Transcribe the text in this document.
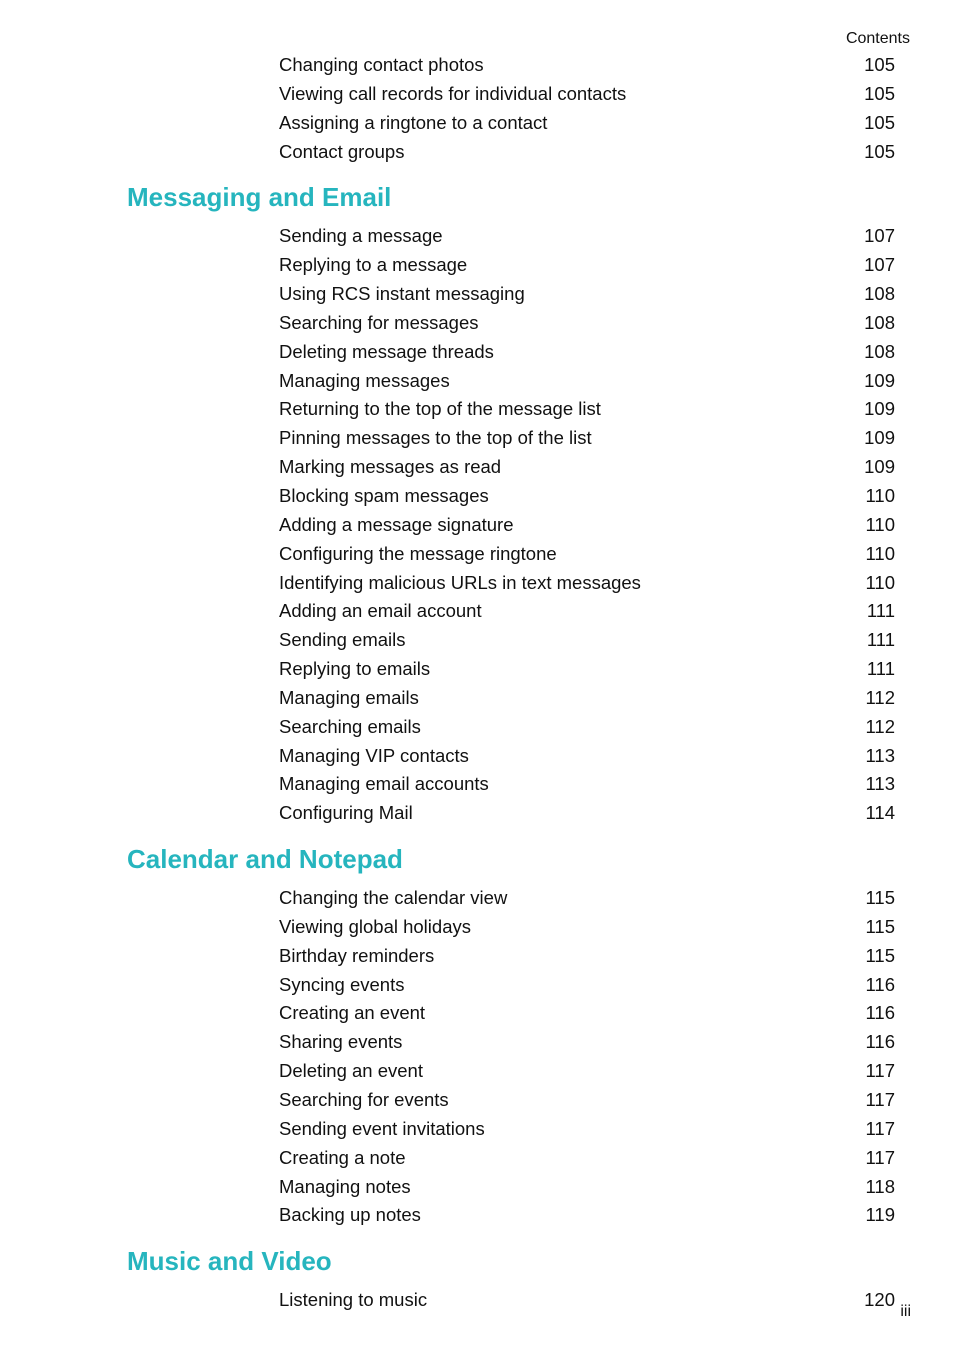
Contents
Changing contact photos	105
Viewing call records for individual contacts	105
Assigning a ringtone to a contact	105
Contact groups	105
Messaging and Email
Sending a message	107
Replying to a message	107
Using RCS instant messaging	108
Searching for messages	108
Deleting message threads	108
Managing messages	109
Returning to the top of the message list	109
Pinning messages to the top of the list	109
Marking messages as read	109
Blocking spam messages	110
Adding a message signature	110
Configuring the message ringtone	110
Identifying malicious URLs in text messages	110
Adding an email account	111
Sending emails	111
Replying to emails	111
Managing emails	112
Searching emails	112
Managing VIP contacts	113
Managing email accounts	113
Configuring Mail	114
Calendar and Notepad
Changing the calendar view	115
Viewing global holidays	115
Birthday reminders	115
Syncing events	116
Creating an event	116
Sharing events	116
Deleting an event	117
Searching for events	117
Sending event invitations	117
Creating a note	117
Managing notes	118
Backing up notes	119
Music and Video
Listening to music	120
iii
